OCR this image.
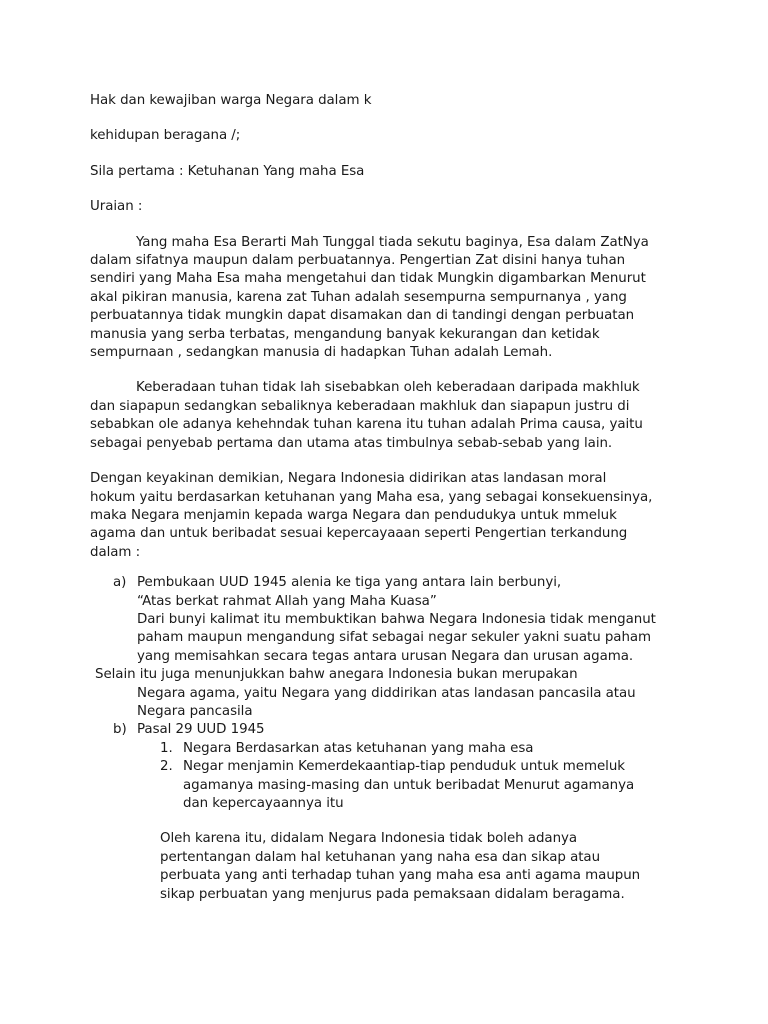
Hak dan kewajiban warga Negara dalam k
kehidupan beragana /;
Sila pertama : Ketuhanan Yang maha Esa
Uraian :
Yang maha Esa Berarti Mah Tunggal tiada sekutu baginya, Esa dalam ZatNya
dalam sifatnya maupun dalam perbuatannya. Pengertian Zat disini hanya tuhan
sendiri yang Maha Esa maha mengetahui dan tidak Mungkin digambarkan Menurut
akal pikiran manusia, karena zat Tuhan adalah sesempurna sempurnanya , yang
perbuatannya tidak mungkin dapat disamakan dan di tandingi dengan perbuatan
manusia yang serba terbatas, mengandung banyak kekurangan dan ketidak
sempurnaan , sedangkan manusia di hadapkan Tuhan adalah Lemah.
Keberadaan tuhan tidak lah sisebabkan oleh keberadaan daripada makhluk
dan siapapun sedangkan sebaliknya keberadaan makhluk dan siapapun justru di
sebabkan ole adanya kehehndak tuhan karena itu tuhan adalah Prima causa, yaitu
sebagai penyebab pertama dan utama atas timbulnya sebab-sebab yang lain.
Dengan keyakinan demikian, Negara Indonesia didirikan atas landasan moral
hokum yaitu berdasarkan ketuhanan yang Maha esa, yang sebagai konsekuensinya,
maka Negara menjamin kepada warga Negara dan pendudukya untuk mmeluk
agama dan untuk beribadat sesuai kepercayaaan seperti Pengertian terkandung
dalam :
a) Pembukaan UUD 1945 alenia ke tiga yang antara lain berbunyi,
“Atas berkat rahmat Allah yang Maha Kuasa”
Dari bunyi kalimat itu membuktikan bahwa Negara Indonesia tidak menganut
paham maupun mengandung sifat sebagai negar sekuler yakni suatu paham
yang memisahkan secara tegas antara urusan Negara dan urusan agama.
Selain itu juga menunjukkan bahw anegara Indonesia bukan merupakan
Negara agama, yaitu Negara yang diddirikan atas landasan pancasila atau
Negara pancasila
b) Pasal 29 UUD 1945
1. Negara Berdasarkan atas ketuhanan yang maha esa
2. Negar menjamin Kemerdekaantiap-tiap penduduk untuk memeluk
agamanya masing-masing dan untuk beribadat Menurut agamanya
dan kepercayaannya itu
Oleh karena itu, didalam Negara Indonesia tidak boleh adanya
pertentangan dalam hal ketuhanan yang naha esa dan sikap atau
perbuata yang anti terhadap tuhan yang maha esa anti agama maupun
sikap perbuatan yang menjurus pada pemaksaan didalam beragama.
